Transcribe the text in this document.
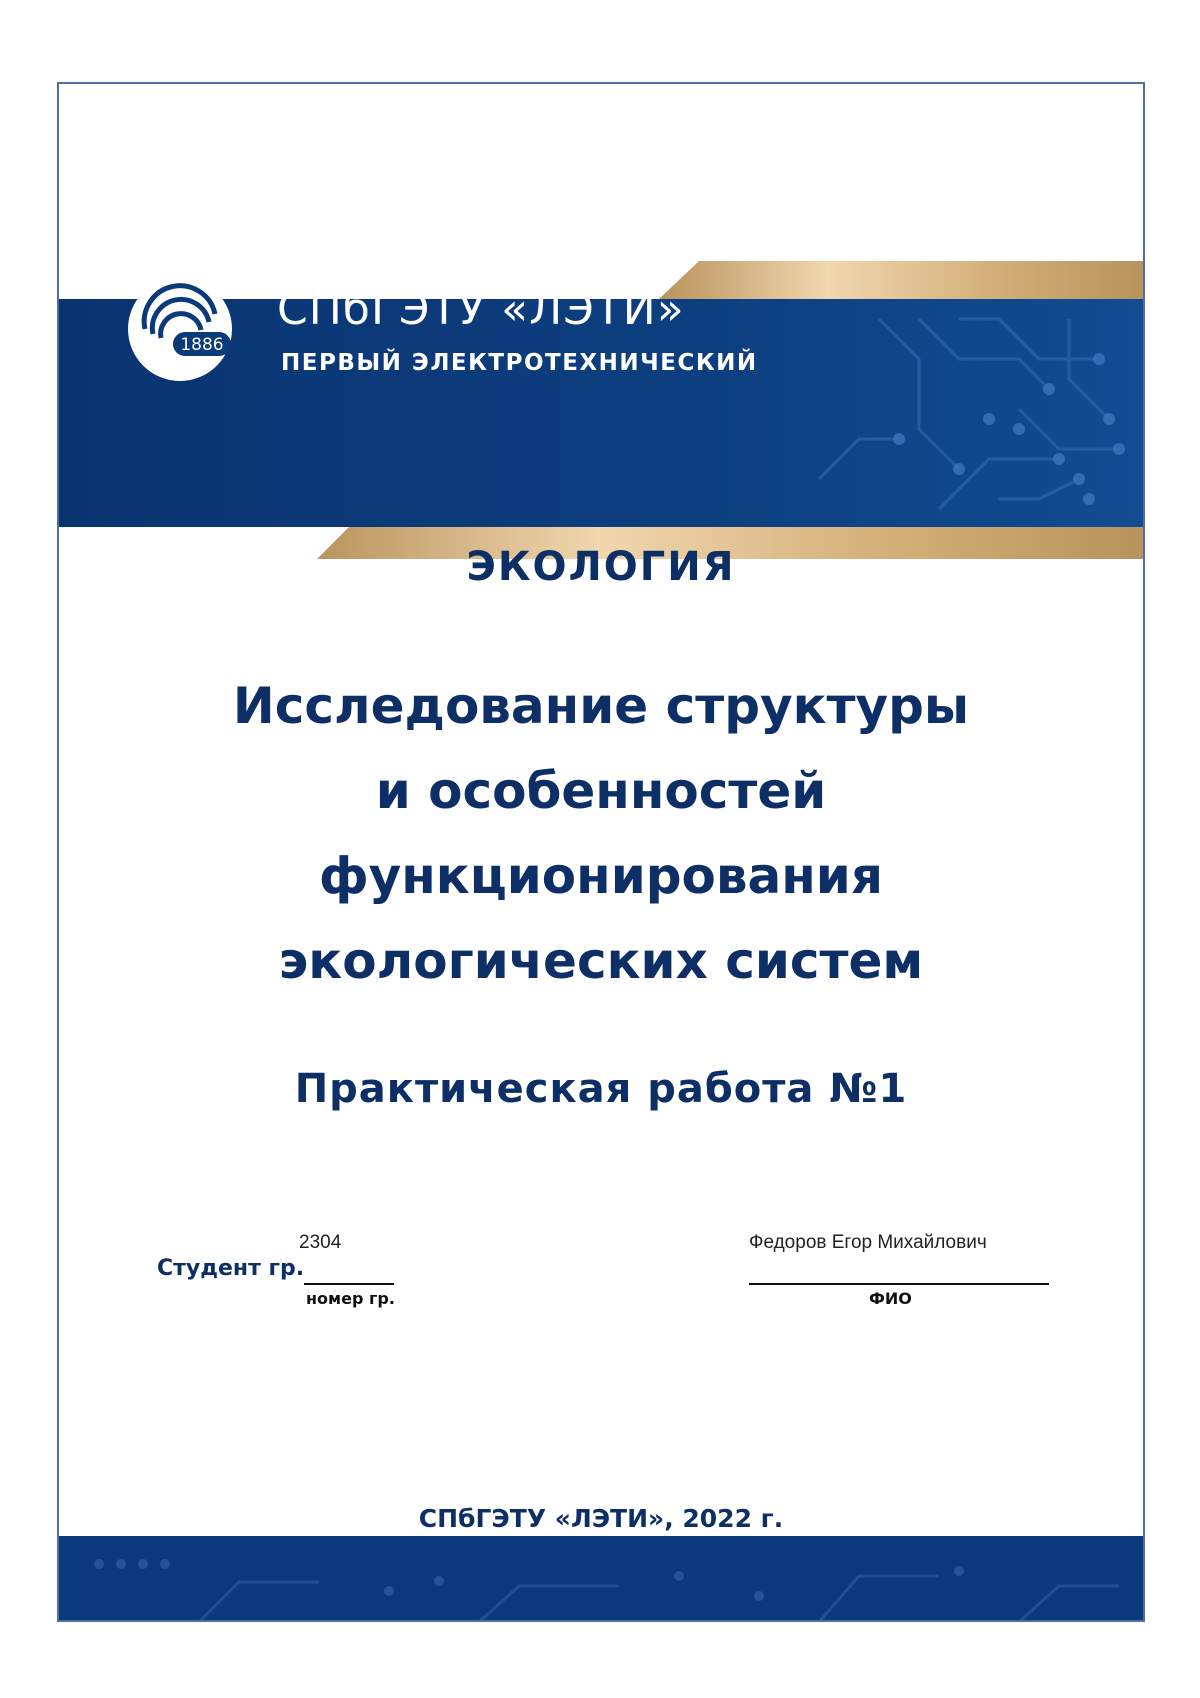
1886

СПбГЭТУ «ЛЭТИ»

ПЕРВЫЙ ЭЛЕКТРОТЕХНИЧЕСКИЙ

ЭКОЛОГИЯ
Исследование структуры
и особенностей
функционирования
экологических систем
Практическая работа №1

2304	Федоров Егор Михайлович

Студент гр.

номер гр.	ФИО

СПбГЭТУ «ЛЭТИ», 2022 г.
